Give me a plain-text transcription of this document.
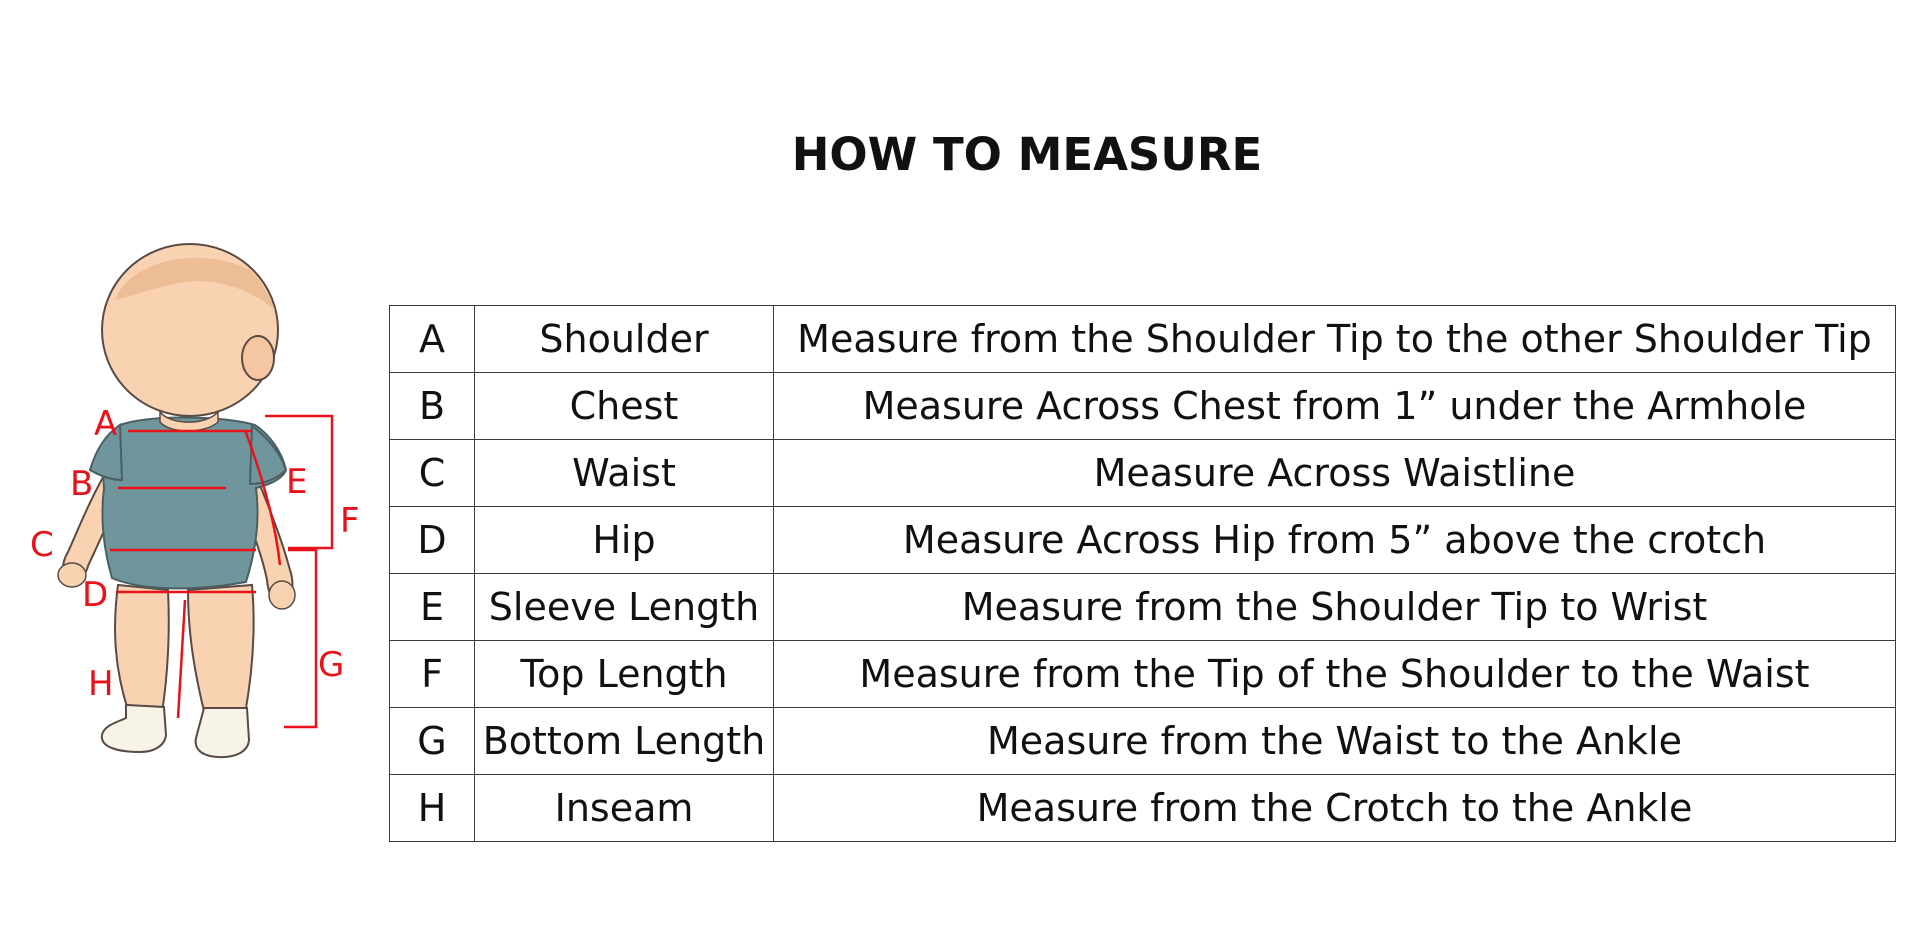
HOW TO MEASURE
A
B
C
D
E
F
G
H
A	Shoulder	Measure from the Shoulder Tip to the other Shoulder Tip
B	Chest	Measure Across Chest from 1” under the Armhole
C	Waist	Measure Across Waistline
D	Hip	Measure Across Hip from 5” above the crotch
E	Sleeve Length	Measure from the Shoulder Tip to Wrist
F	Top Length	Measure from the Tip of the Shoulder to the Waist
G	Bottom Length	Measure from the Waist to the Ankle
H	Inseam	Measure from the Crotch to the Ankle
